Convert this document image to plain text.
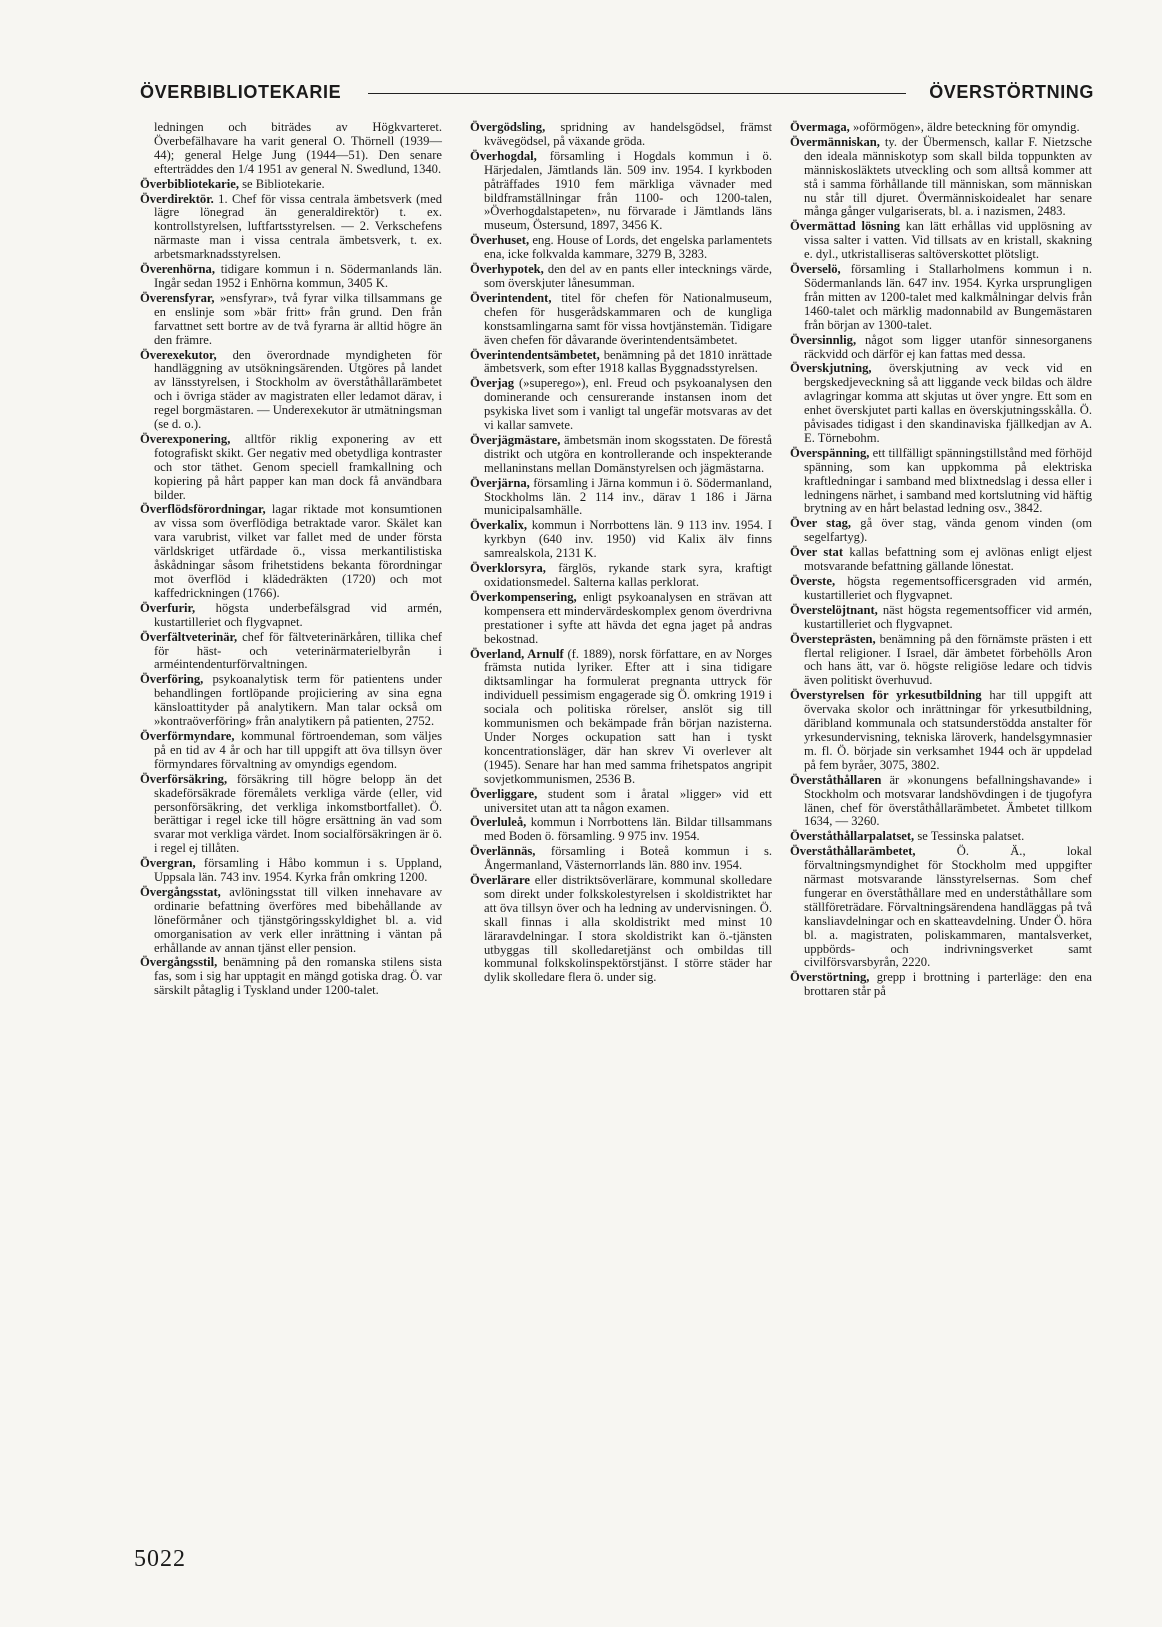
ÖVERBIBLIOTEKARIE	ÖVERSTÖRTNING

ledningen och biträdes av Högkvarteret. Överbefälhavare ha varit general O. Thörnell (1939—44); general Helge Jung (1944—51). Den senare efterträddes den 1/4 1951 av general N. Swedlund, 1340.

Överbibliotekarie, se Bibliotekarie.

Överdirektör. 1. Chef för vissa centrala ämbetsverk (med lägre lönegrad än generaldirektör) t. ex. kontrollstyrelsen, luftfartsstyrelsen. — 2. Verkschefens närmaste man i vissa centrala ämbetsverk, t. ex. arbetsmarknadsstyrelsen.

Överenhörna, tidigare kommun i n. Södermanlands län. Ingår sedan 1952 i Enhörna kommun, 3405 K.

Överensfyrar, »ensfyrar», två fyrar vilka tillsammans ge en enslinje som »bär fritt» från grund. Den från farvattnet sett bortre av de två fyrarna är alltid högre än den främre.

Överexekutor, den överordnade myndigheten för handläggning av utsökningsärenden. Utgöres på landet av länsstyrelsen, i Stockholm av överståthållarämbetet och i övriga städer av magistraten eller ledamot därav, i regel borgmästaren. — Underexekutor är utmätningsman (se d. o.).

Överexponering, alltför riklig exponering av ett fotografiskt skikt. Ger negativ med obetydliga kontraster och stor täthet. Genom speciell framkallning och kopiering på hårt papper kan man dock få användbara bilder.

Överflödsförordningar, lagar riktade mot konsumtionen av vissa som överflödiga betraktade varor. Skälet kan vara varubrist, vilket var fallet med de under första världskriget utfärdade ö., vissa merkantilistiska åskådningar såsom frihetstidens bekanta förordningar mot överflöd i klädedräkten (1720) och mot kaffedrickningen (1766).

Överfurir, högsta underbefälsgrad vid armén, kustartilleriet och flygvapnet.

Överfältveterinär, chef för fältveterinärkåren, tillika chef för häst- och veterinärmaterielbyrån i arméintendenturförvaltningen.

Överföring, psykoanalytisk term för patientens under behandlingen fortlöpande projiciering av sina egna känsloattityder på analytikern. Man talar också om »kontraöverföring» från analytikern på patienten, 2752.

Överförmyndare, kommunal förtroendeman, som väljes på en tid av 4 år och har till uppgift att öva tillsyn över förmyndares förvaltning av omyndigs egendom.

Överförsäkring, försäkring till högre belopp än det skadeförsäkrade föremålets verkliga värde (eller, vid personförsäkring, det verkliga inkomstbortfallet). Ö. berättigar i regel icke till högre ersättning än vad som svarar mot verkliga värdet. Inom socialförsäkringen är ö. i regel ej tillåten.

Övergran, församling i Håbo kommun i s. Uppland, Uppsala län. 743 inv. 1954. Kyrka från omkring 1200.

Övergångsstat, avlöningsstat till vilken innehavare av ordinarie befattning överföres med bibehållande av löneförmåner och tjänstgöringsskyldighet bl. a. vid omorganisation av verk eller inrättning i väntan på erhållande av annan tjänst eller pension.

Övergångsstil, benämning på den romanska stilens sista fas, som i sig har upptagit en mängd gotiska drag. Ö. var särskilt påtaglig i Tyskland under 1200-talet.

Övergödsling, spridning av handelsgödsel, främst kvävegödsel, på växande gröda.

Överhogdal, församling i Hogdals kommun i ö. Härjedalen, Jämtlands län. 509 inv. 1954. I kyrkboden påträffades 1910 fem märkliga vävnader med bildframställningar från 1100- och 1200-talen, »Överhogdalstapeten», nu förvarade i Jämtlands läns museum, Östersund, 1897, 3456 K.

Överhuset, eng. House of Lords, det engelska parlamentets ena, icke folkvalda kammare, 3279 B, 3283.

Överhypotek, den del av en pants eller intecknings värde, som överskjuter lånesumman.

Överintendent, titel för chefen för Nationalmuseum, chefen för husgerådskammaren och de kungliga konstsamlingarna samt för vissa hovtjänstemän. Tidigare även chefen för dåvarande överintendentsämbetet.

Överintendentsämbetet, benämning på det 1810 inrättade ämbetsverk, som efter 1918 kallas Byggnadsstyrelsen.

Överjag (»superego»), enl. Freud och psykoanalysen den dominerande och censurerande instansen inom det psykiska livet som i vanligt tal ungefär motsvaras av det vi kallar samvete.

Överjägmästare, ämbetsmän inom skogsstaten. De förestå distrikt och utgöra en kontrollerande och inspekterande mellaninstans mellan Domänstyrelsen och jägmästarna.

Överjärna, församling i Järna kommun i ö. Södermanland, Stockholms län. 2 114 inv., därav 1 186 i Järna municipalsamhälle.

Överkalix, kommun i Norrbottens län. 9 113 inv. 1954. I kyrkbyn (640 inv. 1950) vid Kalix älv finns samrealskola, 2131 K.

Överklorsyra, färglös, rykande stark syra, kraftigt oxidationsmedel. Salterna kallas perklorat.

Överkompensering, enligt psykoanalysen en strävan att kompensera ett mindervärdeskomplex genom överdrivna prestationer i syfte att hävda det egna jaget på andras bekostnad.

Överland, Arnulf (f. 1889), norsk författare, en av Norges främsta nutida lyriker. Efter att i sina tidigare diktsamlingar ha formulerat pregnanta uttryck för individuell pessimism engagerade sig Ö. omkring 1919 i sociala och politiska rörelser, anslöt sig till kommunismen och bekämpade från början nazisterna. Under Norges ockupation satt han i tyskt koncentrationsläger, där han skrev Vi overlever alt (1945). Senare har han med samma frihetspatos angripit sovjetkommunismen, 2536 B.

Överliggare, student som i åratal »ligger» vid ett universitet utan att ta någon examen.

Överluleå, kommun i Norrbottens län. Bildar tillsammans med Boden ö. församling. 9 975 inv. 1954.

Överlännäs, församling i Boteå kommun i s. Ångermanland, Västernorrlands län. 880 inv. 1954.

Överlärare eller distriktsöverlärare, kommunal skolledare som direkt under folkskolestyrelsen i skoldistriktet har att öva tillsyn över och ha ledning av undervisningen. Ö. skall finnas i alla skoldistrikt med minst 10 läraravdelningar. I stora skoldistrikt kan ö.-tjänsten utbyggas till skolledaretjänst och ombildas till kommunal folkskolinspektörstjänst. I större städer har dylik skolledare flera ö. under sig.

Övermaga, »oförmögen», äldre beteckning för omyndig.

Övermänniskan, ty. der Übermensch, kallar F. Nietzsche den ideala människotyp som skall bilda toppunkten av människosläktets utveckling och som alltså kommer att stå i samma förhållande till människan, som människan nu står till djuret. Övermänniskoidealet har senare många gånger vulgariserats, bl. a. i nazismen, 2483.

Övermättad lösning kan lätt erhållas vid upplösning av vissa salter i vatten. Vid tillsats av en kristall, skakning e. dyl., utkristalliseras saltöverskottet plötsligt.

Överselö, församling i Stallarholmens kommun i n. Södermanlands län. 647 inv. 1954. Kyrka ursprungligen från mitten av 1200-talet med kalkmålningar delvis från 1460-talet och märklig madonnabild av Bungemästaren från början av 1300-talet.

Översinnlig, något som ligger utanför sinnesorganens räckvidd och därför ej kan fattas med dessa.

Överskjutning, överskjutning av veck vid en bergskedjeveckning så att liggande veck bildas och äldre avlagringar komma att skjutas ut över yngre. Ett som en enhet överskjutet parti kallas en överskjutningsskålla. Ö. påvisades tidigast i den skandinaviska fjällkedjan av A. E. Törnebohm.

Överspänning, ett tillfälligt spänningstillstånd med förhöjd spänning, som kan uppkomma på elektriska kraftledningar i samband med blixtnedslag i dessa eller i ledningens närhet, i samband med kortslutning vid häftig brytning av en hårt belastad ledning osv., 3842.

Över stag, gå över stag, vända genom vinden (om segelfartyg).

Över stat kallas befattning som ej avlönas enligt eljest motsvarande befattning gällande lönestat.

Överste, högsta regementsofficersgraden vid armén, kustartilleriet och flygvapnet.

Överstelöjtnant, näst högsta regementsofficer vid armén, kustartilleriet och flygvapnet.

Översteprästen, benämning på den förnämste prästen i ett flertal religioner. I Israel, där ämbetet förbehölls Aron och hans ätt, var ö. högste religiöse ledare och tidvis även politiskt överhuvud.

Överstyrelsen för yrkesutbildning har till uppgift att övervaka skolor och inrättningar för yrkesutbildning, däribland kommunala och statsunderstödda anstalter för yrkesundervisning, tekniska läroverk, handelsgymnasier m. fl. Ö. började sin verksamhet 1944 och är uppdelad på fem byråer, 3075, 3802.

Överståthållaren är »konungens befallningshavande» i Stockholm och motsvarar landshövdingen i de tjugofyra länen, chef för överståthållarämbetet. Ämbetet tillkom 1634, — 3260.

Överståthållarpalatset, se Tessinska palatset.

Överståthållarämbetet, Ö. Ä., lokal förvaltningsmyndighet för Stockholm med uppgifter närmast motsvarande länsstyrelsernas. Som chef fungerar en överståthållare med en underståthållare som ställföreträdare. Förvaltningsärendena handläggas på två kansliavdelningar och en skatteavdelning. Under Ö. höra bl. a. magistraten, poliskammaren, mantalsverket, uppbörds- och indrivningsverket samt civilförsvarsbyrån, 2220.

Överstörtning, grepp i brottning i parterläge: den ena brottaren står på

5022
